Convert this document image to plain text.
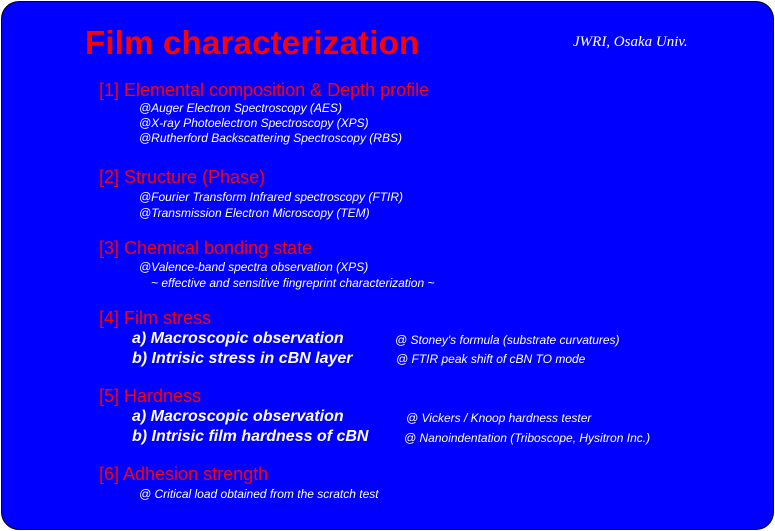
Film characterization	JWRI, Osaka Univ.
[1] Elemental composition & Depth profile
@Auger Electron Spectroscopy (AES)
@X-ray Photoelectron Spectroscopy (XPS)
@Rutherford Backscattering Spectroscopy (RBS)
[2] Structure (Phase)
@Fourier Transform Infrared spectroscopy (FTIR)
@Transmission Electron Microscopy (TEM)
[3] Chemical bonding state
@Valence-band spectra observation (XPS)
~ effective and sensitive fingreprint characterization ~
[4] Film stress
a) Macroscopic observation	@ Stoney's formula (substrate curvatures)
b) Intrisic stress in cBN layer	@ FTIR peak shift of cBN TO mode
[5] Hardness
a) Macroscopic observation	@ Vickers / Knoop hardness tester
b) Intrisic film hardness of cBN	@ Nanoindentation (Triboscope, Hysitron Inc.)
[6] Adhesion strength
@ Critical load obtained from the scratch test
